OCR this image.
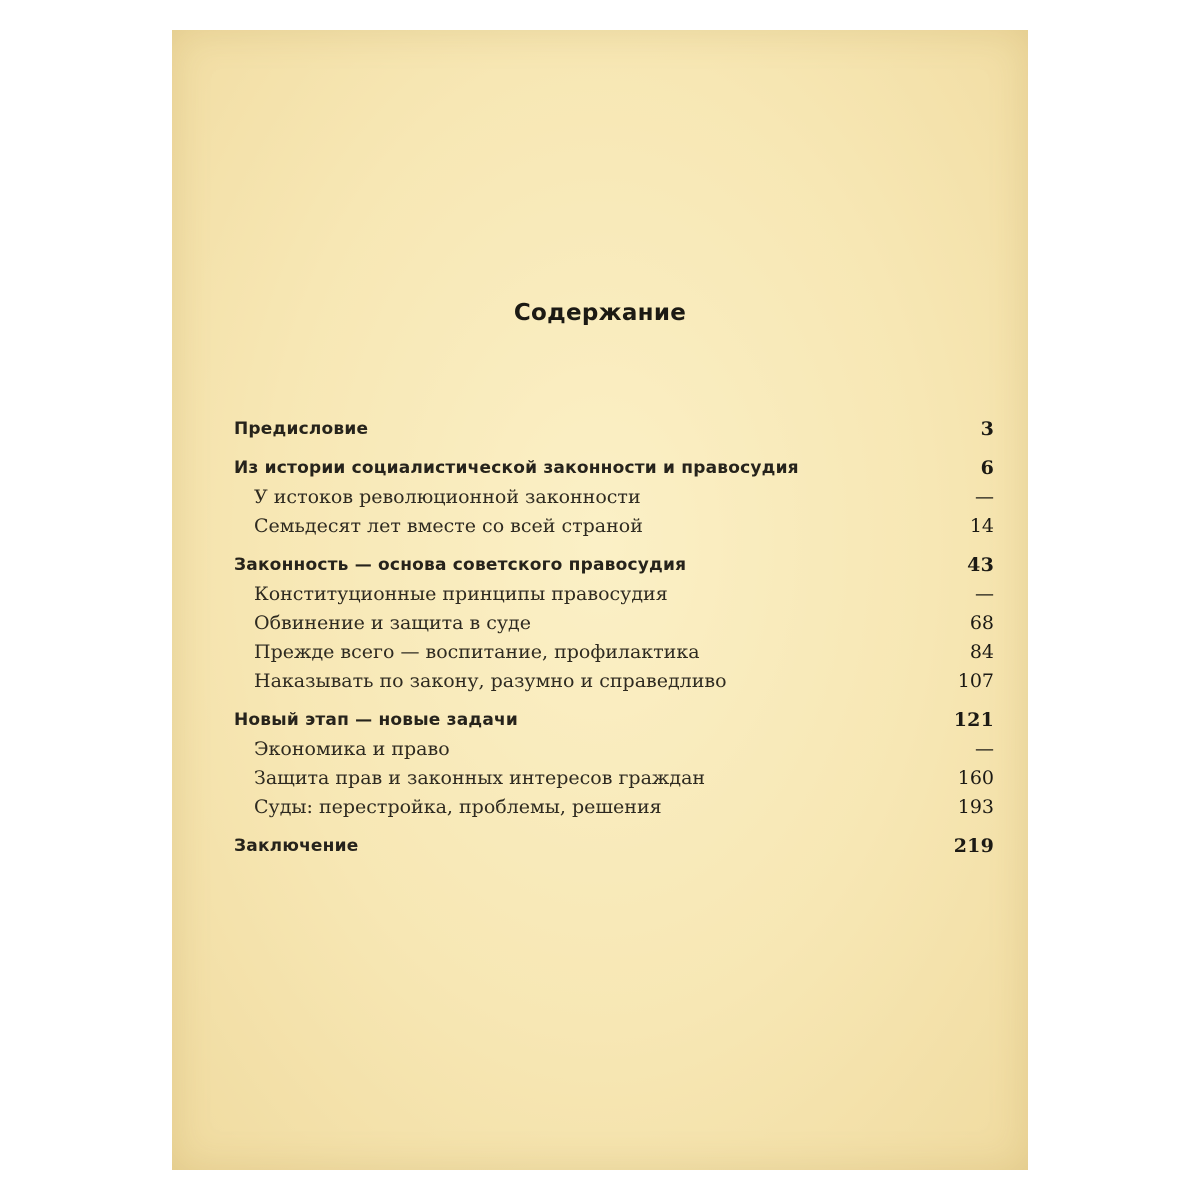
Содержание
Предисловие	3
Из истории социалистической законности и правосудия	6
У истоков революционной законности	—
Семьдесят лет вместе со всей страной	14
Законность — основа советского правосудия	43
Конституционные принципы правосудия	—
Обвинение и защита в суде	68
Прежде всего — воспитание, профилактика	84
Наказывать по закону, разумно и справедливо	107
Новый этап — новые задачи	121
Экономика и право	—
Защита прав и законных интересов граждан	160
Суды: перестройка, проблемы, решения	193
Заключение	219
